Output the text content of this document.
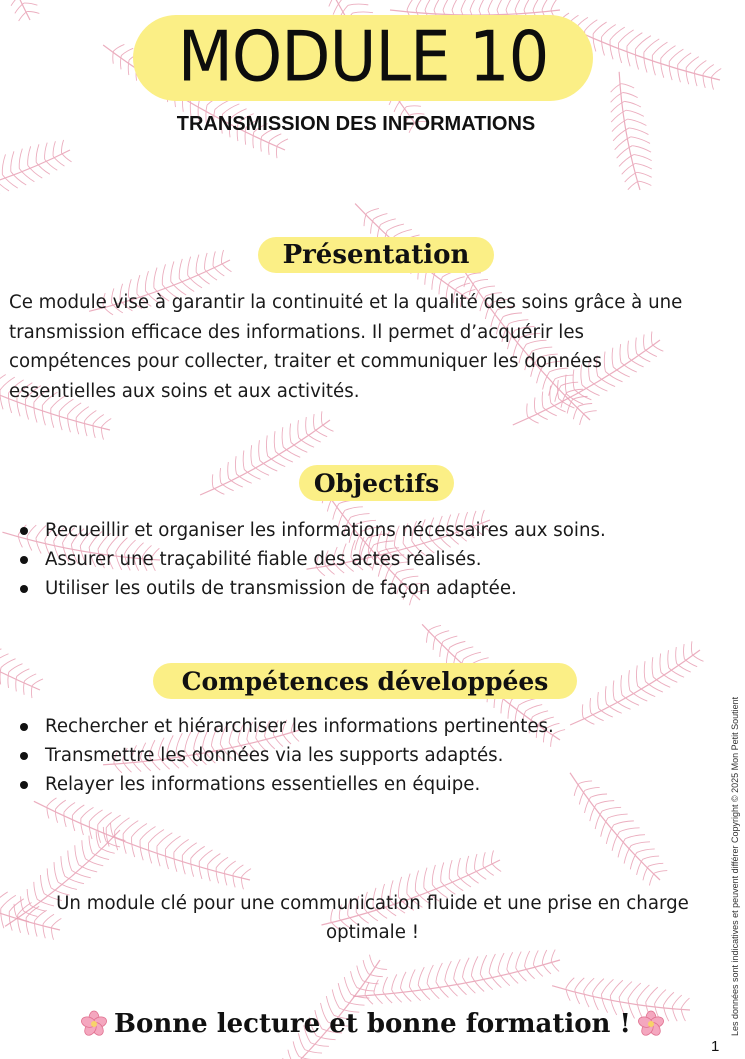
MODULE 10
TRANSMISSION DES INFORMATIONS
Présentation
Ce module vise à garantir la continuité et la qualité des soins grâce à une
transmission efficace des informations. Il permet d’acquérir les
compétences pour collecter, traiter et communiquer les données
essentielles aux soins et aux activités.
Objectifs
Recueillir et organiser les informations nécessaires aux soins.
Assurer une traçabilité fiable des actes réalisés.
Utiliser les outils de transmission de façon adaptée.
Compétences développées
Rechercher et hiérarchiser les informations pertinentes.
Transmettre les données via les supports adaptés.
Relayer les informations essentielles en équipe.
Un module clé pour une communication fluide et une prise en charge
optimale !
Bonne lecture et bonne formation !	Les données sont indicatives et peuvent différer Copyright © 2025 Mon Petit Soutient
1
